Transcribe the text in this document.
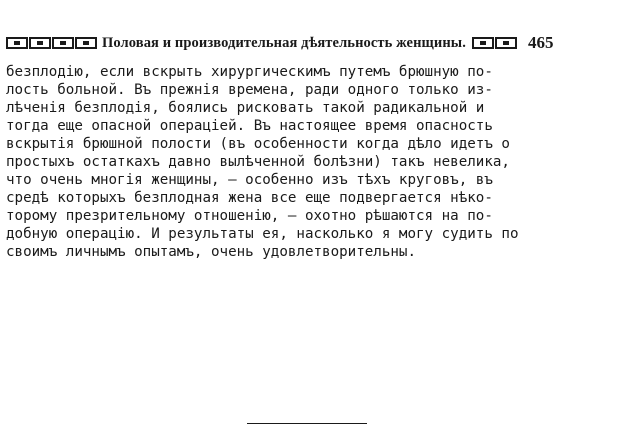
Половая и производительная дѣятельность женщины.	465
безплодiю, если вскрыть хирургическимъ путемъ брюшную по-
лость больной. Въ прежнія времена, ради одного только из-
лѣченія безплодiя, боялись рисковать такой радикальной и
тогда еще опасной операцiей. Въ настоящее время опасность
вскрытiя брюшной полости (въ особенности когда дѣло идетъ о
простыхъ остаткахъ давно вылѣченной болѣзни) такъ невелика,
что очень многiя женщины, — особенно изъ тѣхъ круговъ, въ
средѣ которыхъ безплодная жена все еще подвергается нѣко-
торому презрительному отношенiю, — охотно рѣшаются на по-
добную операцiю. И результаты ея, насколько я могу судить по
своимъ личнымъ опытамъ, очень удовлетворительны.
